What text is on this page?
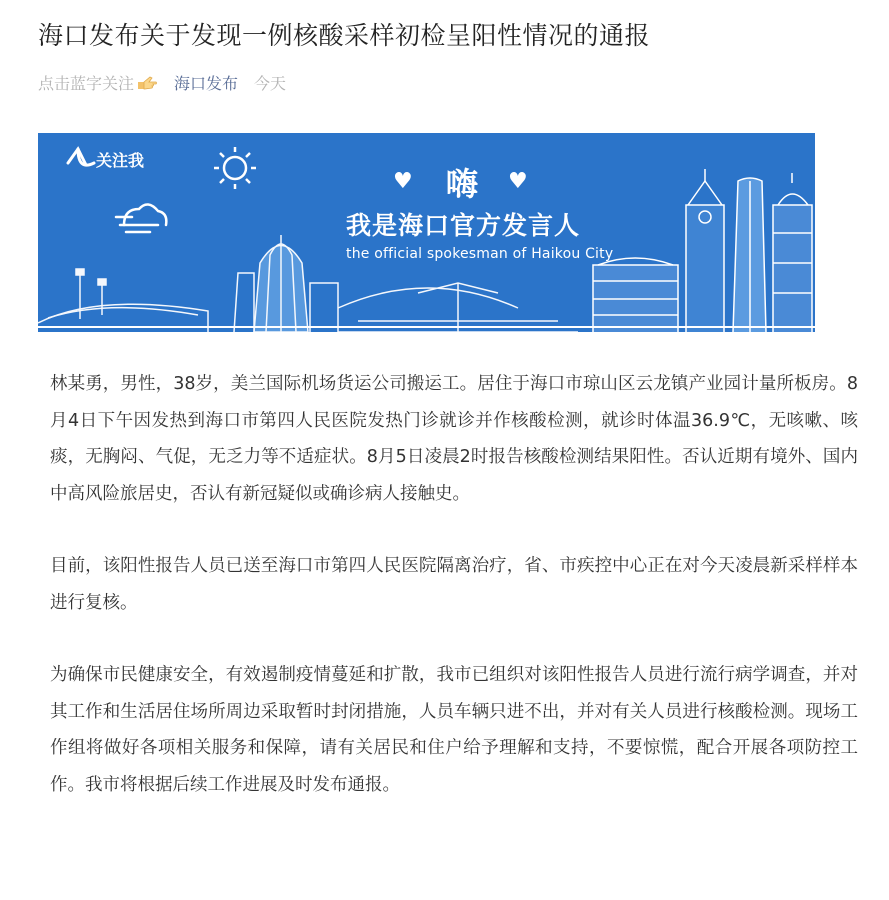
海口发布关于发现一例核酸采样初检呈阳性情况的通报
点击蓝字关注	海口发布 今天
关注我
♥ 嗨 ♥
我是海口官方发言人
the official spokesman of Haikou City

林某勇，男性，38岁，美兰国际机场货运公司搬运工。居住于海口市琼山区云龙镇产业园计量所板房。8月4日下午因发热到海口市第四人民医院发热门诊就诊并作核酸检测，就诊时体温36.9℃，无咳嗽、咳痰，无胸闷、气促，无乏力等不适症状。8月5日凌晨2时报告核酸检测结果阳性。否认近期有境外、国内中高风险旅居史，否认有新冠疑似或确诊病人接触史。

目前，该阳性报告人员已送至海口市第四人民医院隔离治疗，省、市疾控中心正在对今天凌晨新采样样本进行复核。

为确保市民健康安全，有效遏制疫情蔓延和扩散，我市已组织对该阳性报告人员进行流行病学调查，并对其工作和生活居住场所周边采取暂时封闭措施，人员车辆只进不出，并对有关人员进行核酸检测。现场工作组将做好各项相关服务和保障，请有关居民和住户给予理解和支持，不要惊慌，配合开展各项防控工作。我市将根据后续工作进展及时发布通报。
